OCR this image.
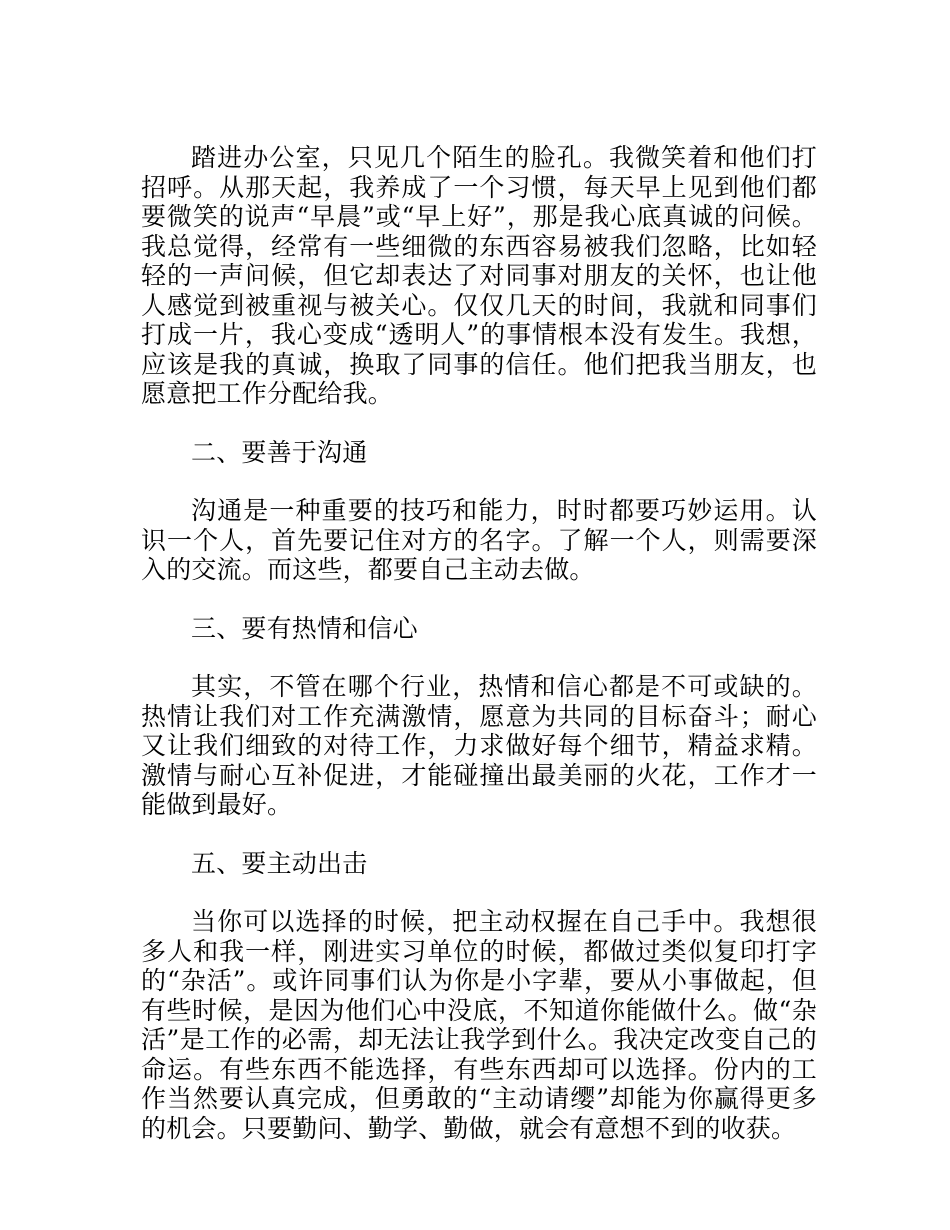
踏进办公室，只见几个陌生的脸孔。我微笑着和他们打招呼。从那天起，我养成了一个习惯，每天早上见到他们都要微笑的说声“早晨”或“早上好”，那是我心底真诚的问候。我总觉得，经常有一些细微的东西容易被我们忽略，比如轻轻的一声问候，但它却表达了对同事对朋友的关怀，也让他人感觉到被重视与被关心。仅仅几天的时间，我就和同事们打成一片，我心变成“透明人”的事情根本没有发生。我想，应该是我的真诚，换取了同事的信任。他们把我当朋友，也愿意把工作分配给我。

二、要善于沟通

沟通是一种重要的技巧和能力，时时都要巧妙运用。认识一个人，首先要记住对方的名字。了解一个人，则需要深入的交流。而这些，都要自己主动去做。

三、要有热情和信心

其实，不管在哪个行业，热情和信心都是不可或缺的。热情让我们对工作充满激情，愿意为共同的目标奋斗；耐心又让我们细致的对待工作，力求做好每个细节，精益求精。激情与耐心互补促进，才能碰撞出最美丽的火花，工作才一能做到最好。

五、要主动出击

当你可以选择的时候，把主动权握在自己手中。我想很多人和我一样，刚进实习单位的时候，都做过类似复印打字的“杂活”。或许同事们认为你是小字辈，要从小事做起，但有些时候，是因为他们心中没底，不知道你能做什么。做“杂活”是工作的必需，却无法让我学到什么。我决定改变自己的命运。有些东西不能选择，有些东西却可以选择。份内的工作当然要认真完成，但勇敢的“主动请缨”却能为你赢得更多的机会。只要勤问、勤学、勤做，就会有意想不到的收获。
